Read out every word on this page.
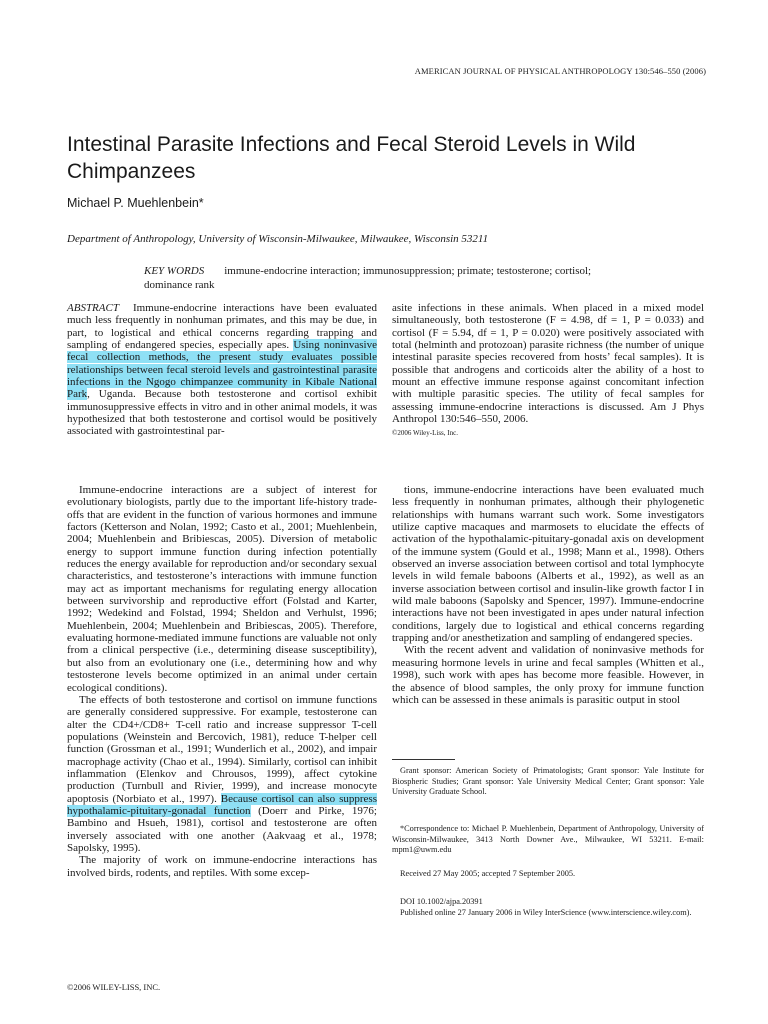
AMERICAN JOURNAL OF PHYSICAL ANTHROPOLOGY 130:546–550 (2006)
Intestinal Parasite Infections and Fecal Steroid Levels in Wild Chimpanzees
Michael P. Muehlenbein*
Department of Anthropology, University of Wisconsin-Milwaukee, Milwaukee, Wisconsin 53211
KEY WORDS immune-endocrine interaction; immunosuppression; primate; testosterone; cortisol; dominance rank
ABSTRACT Immune-endocrine interactions have been evaluated much less frequently in nonhuman primates, and this may be due, in part, to logistical and ethical concerns regarding trapping and sampling of endangered species, especially apes. Using noninvasive fecal collection methods, the present study evaluates possible relationships between fecal steroid levels and gastrointestinal parasite infections in the Ngogo chimpanzee community in Kibale National Park, Uganda. Because both testosterone and cortisol exhibit immunosuppressive effects in vitro and in other animal models, it was hypothesized that both testosterone and cortisol would be positively associated with gastrointestinal par-
asite infections in these animals. When placed in a mixed model simultaneously, both testosterone (F = 4.98, df = 1, P = 0.033) and cortisol (F = 5.94, df = 1, P = 0.020) were positively associated with total (helminth and protozoan) parasite richness (the number of unique intestinal parasite species recovered from hosts’ fecal samples). It is possible that androgens and corticoids alter the ability of a host to mount an effective immune response against concomitant infection with multiple parasitic species. The utility of fecal samples for assessing immune-endocrine interactions is discussed. Am J Phys Anthropol 130:546–550, 2006.
©2006 Wiley-Liss, Inc.

Immune-endocrine interactions are a subject of interest for evolutionary biologists, partly due to the important life-history trade-offs that are evident in the function of various hormones and immune factors (Ketterson and Nolan, 1992; Casto et al., 2001; Muehlenbein, 2004; Muehlenbein and Bribiescas, 2005). Diversion of metabolic energy to support immune function during infection potentially reduces the energy available for reproduction and/or secondary sexual characteristics, and testosterone’s interactions with immune function may act as important mechanisms for regulating energy allocation between survivorship and reproductive effort (Folstad and Karter, 1992; Wedekind and Folstad, 1994; Sheldon and Verhulst, 1996; Muehlenbein, 2004; Muehlenbein and Bribiescas, 2005). Therefore, evaluating hormone-mediated immune functions are valuable not only from a clinical perspective (i.e., determining disease susceptibility), but also from an evolutionary one (i.e., determining how and why testosterone levels become optimized in an animal under certain ecological conditions).

The effects of both testosterone and cortisol on immune functions are generally considered suppressive. For example, testosterone can alter the CD4+/CD8+ T-cell ratio and increase suppressor T-cell populations (Weinstein and Bercovich, 1981), reduce T-helper cell function (Grossman et al., 1991; Wunderlich et al., 2002), and impair macrophage activity (Chao et al., 1994). Similarly, cortisol can inhibit inflammation (Elenkov and Chrousos, 1999), affect cytokine production (Turnbull and Rivier, 1999), and increase monocyte apoptosis (Norbiato et al., 1997). Because cortisol can also suppress hypothalamic-pituitary-gonadal function (Doerr and Pirke, 1976; Bambino and Hsueh, 1981), cortisol and testosterone are often inversely associated with one another (Aakvaag et al., 1978; Sapolsky, 1995).

The majority of work on immune-endocrine interactions has involved birds, rodents, and reptiles. With some excep-

tions, immune-endocrine interactions have been evaluated much less frequently in nonhuman primates, although their phylogenetic relationships with humans warrant such work. Some investigators utilize captive macaques and marmosets to elucidate the effects of activation of the hypothalamic-pituitary-gonadal axis on development of the immune system (Gould et al., 1998; Mann et al., 1998). Others observed an inverse association between cortisol and total lymphocyte levels in wild female baboons (Alberts et al., 1992), as well as an inverse association between cortisol and insulin-like growth factor I in wild male baboons (Sapolsky and Spencer, 1997). Immune-endocrine interactions have not been investigated in apes under natural infection conditions, largely due to logistical and ethical concerns regarding trapping and/or anesthetization and sampling of endangered species.

With the recent advent and validation of noninvasive methods for measuring hormone levels in urine and fecal samples (Whitten et al., 1998), such work with apes has become more feasible. However, in the absence of blood samples, the only proxy for immune function which can be assessed in these animals is parasitic output in stool

Grant sponsor: American Society of Primatologists; Grant sponsor: Yale Institute for Biospheric Studies; Grant sponsor: Yale University Medical Center; Grant sponsor: Yale University Graduate School.

*Correspondence to: Michael P. Muehlenbein, Department of Anthropology, University of Wisconsin-Milwaukee, 3413 North Downer Ave., Milwaukee, WI 53211. E-mail: mpm1@uwm.edu

Received 27 May 2005; accepted 7 September 2005.

DOI 10.1002/ajpa.20391

Published online 27 January 2006 in Wiley InterScience (www.interscience.wiley.com).

©2006 WILEY-LISS, INC.
